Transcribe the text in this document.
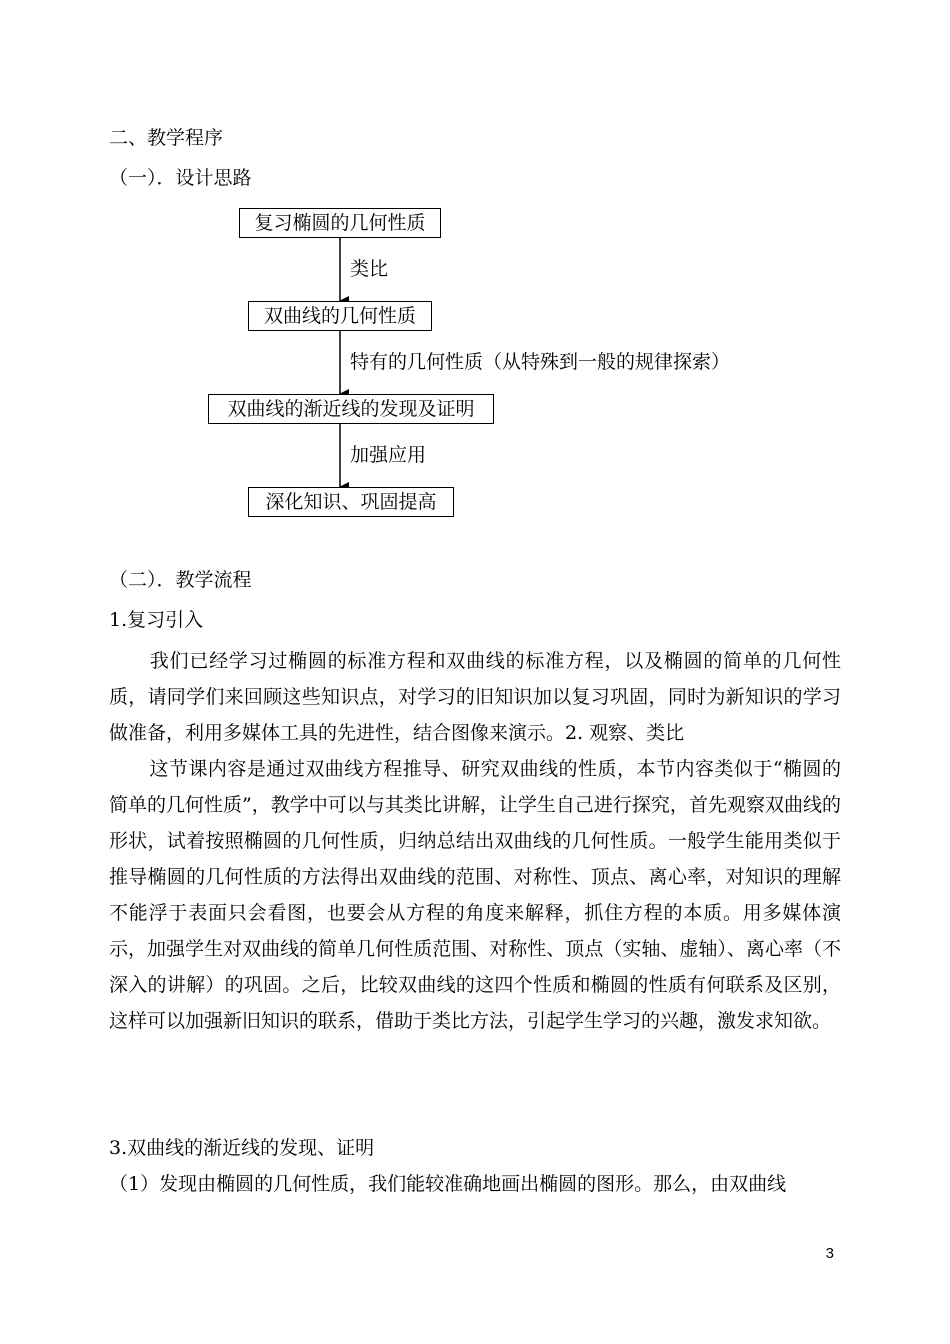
二、教学程序
（一）．设计思路
复习椭圆的几何性质
类比
双曲线的几何性质
特有的几何性质（从特殊到一般的规律探索）
双曲线的渐近线的发现及证明
加强应用
深化知识、巩固提高
（二）．教学流程
1.复习引入
我们已经学习过椭圆的标准方程和双曲线的标准方程，以及椭圆的简单的几何性质，请同学们来回顾这些知识点，对学习的旧知识加以复习巩固，同时为新知识的学习做准备，利用多媒体工具的先进性，结合图像来演示。2. 观察、类比
这节课内容是通过双曲线方程推导、研究双曲线的性质，本节内容类似于“椭圆的简单的几何性质”，教学中可以与其类比讲解，让学生自己进行探究，首先观察双曲线的形状，试着按照椭圆的几何性质，归纳总结出双曲线的几何性质。一般学生能用类似于推导椭圆的几何性质的方法得出双曲线的范围、对称性、顶点、离心率，对知识的理解不能浮于表面只会看图，也要会从方程的角度来解释，抓住方程的本质。用多媒体演示，加强学生对双曲线的简单几何性质范围、对称性、顶点（实轴、虚轴）、离心率（不深入的讲解）的巩固。之后，比较双曲线的这四个性质和椭圆的性质有何联系及区别，这样可以加强新旧知识的联系，借助于类比方法，引起学生学习的兴趣，激发求知欲。
3.双曲线的渐近线的发现、证明
（1）发现由椭圆的几何性质，我们能较准确地画出椭圆的图形。那么，由双曲线
3
